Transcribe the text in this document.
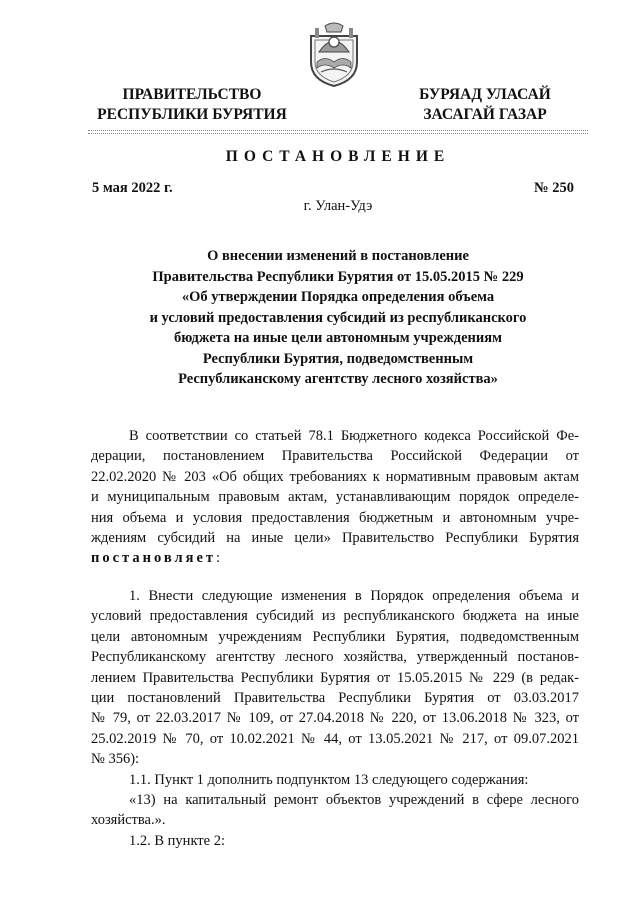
ПРАВИТЕЛЬСТВО
РЕСПУБЛИКИ БУРЯТИЯ
БУРЯАД УЛАСАЙ
ЗАСАГАЙ ГАЗАР
ПОСТАНОВЛЕНИЕ
5 мая 2022 г.	№ 250
г. Улан-Удэ
О внесении изменений в постановление
Правительства Республики Бурятия от 15.05.2015 № 229
«Об утверждении Порядка определения объема
и условий предоставления субсидий из республиканского
бюджета на иные цели автономным учреждениям
Республики Бурятия, подведомственным
Республиканскому агентству лесного хозяйства»
В соответствии со статьей 78.1 Бюджетного кодекса Российской Фе-
дерации, постановлением Правительства Российской Федерации от
22.02.2020 № 203 «Об общих требованиях к нормативным правовым актам
и муниципальным правовым актам, устанавливающим порядок определе-
ния объема и условия предоставления бюджетным и автономным учре-
ждениям субсидий на иные цели» Правительство Республики Бурятия
постановляет:
1. Внести следующие изменения в Порядок определения объема и
условий предоставления субсидий из республиканского бюджета на иные
цели автономным учреждениям Республики Бурятия, подведомственным
Республиканскому агентству лесного хозяйства, утвержденный постанов-
лением Правительства Республики Бурятия от 15.05.2015 № 229 (в редак-
ции постановлений Правительства Республики Бурятия от 03.03.2017
№ 79, от 22.03.2017 № 109, от 27.04.2018 № 220, от 13.06.2018 № 323, от
25.02.2019 № 70, от 10.02.2021 № 44, от 13.05.2021 № 217, от 09.07.2021
№ 356):
1.1. Пункт 1 дополнить подпунктом 13 следующего содержания:
«13) на капитальный ремонт объектов учреждений в сфере лесного
хозяйства.».
1.2. В пункте 2:
